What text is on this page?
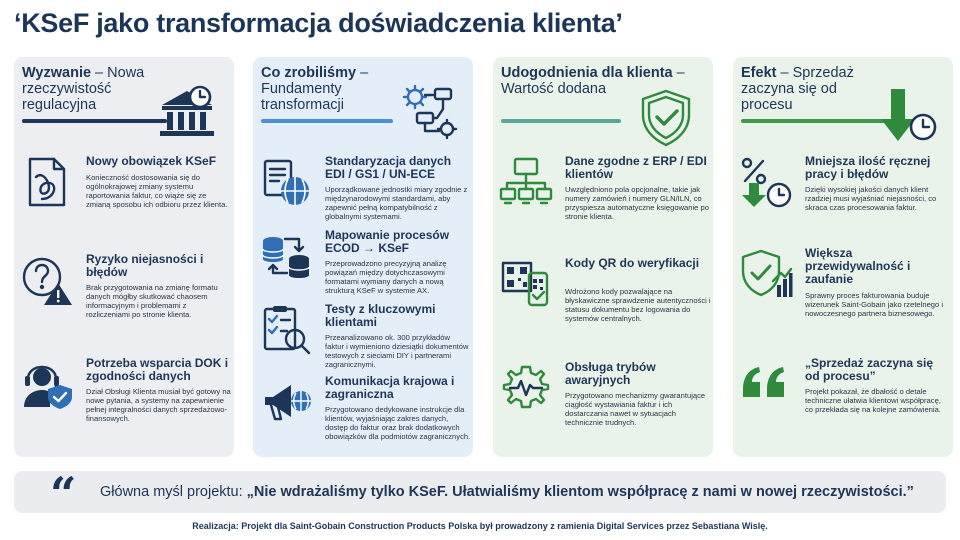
‘KSeF jako transformacja doświadczenia klienta’
Wyzwanie – Nowa rzeczywistość regulacyjna
Nowy obowiązek KSeF
Konieczność dostosowania się do ogólnokrajowej zmiany systemu raportowania faktur, co wiąże się ze zmianą sposobu ich odbioru przez klienta.
Ryzyko niejasności i błędów
Brak przygotowania na zmianę formatu danych mógłby skutkować chaosem informacyjnym i problemami z rozliczeniami po stronie klienta.
Potrzeba wsparcia DOK i zgodności danych
Dział Obsługi Klienta musiał być gotowy na nowe pytania, a systemy na zapewnienie pełnej integralności danych sprzedażowo-finansowych.
Co zrobiliśmy – Fundamenty transformacji
Standaryzacja danych EDI / GS1 / UN-ECE
Uporządkowane jednostki miary zgodnie z międzynarodowymi standardami, aby zapewnić pełną kompatybilność z globalnymi systemami.
Mapowanie procesów ECOD → KSeF
Przeprowadzono precyzyjną analizę powiązań między dotychczasowymi formatami wymiany danych a nową strukturą KSeF w systemie AX.
Testy z kluczowymi klientami
Przeanalizowano ok. 300 przykładów faktur i wymieniono dziesiątki dokumentów testowych z sieciami DIY i partnerami zagranicznymi.
Komunikacja krajowa i zagraniczna
Przygotowano dedykowane instrukcje dla klientów, wyjaśniając zakres danych, dostęp do faktur oraz brak dodatkowych obowiązków dla podmiotów zagranicznych.
Udogodnienia dla klienta – Wartość dodana
Dane zgodne z ERP / EDI klientów
Uwzględniono pola opcjonalne, takie jak numery zamówień i numery GLN/ILN, co przyspiesza automatyczne księgowanie po stronie klienta.
Kody QR do weryfikacji
Wdrożono kody pozwalające na błyskawiczne sprawdzenie autentyczności i statusu dokumentu bez logowania do systemów centralnych.
Obsługa trybów awaryjnych
Przygotowano mechanizmy gwarantujące ciągłość wystawiania faktur i ich dostarczania nawet w sytuacjach technicznie trudnych.
Efekt – Sprzedaż zaczyna się od procesu
Mniejsza ilość ręcznej pracy i błędów
Dzięki wysokiej jakości danych klient rzadziej musi wyjaśniać niejasności, co skraca czas procesowania faktur.
Większa przewidywalność i zaufanie
Sprawny proces fakturowania buduje wizerunek Saint-Gobain jako rzetelnego i nowoczesnego partnera biznesowego.
„Sprzedaż zaczyna się od procesu”
Projekt pokazał, że dbałość o detale techniczne ułatwia klientowi współpracę, co przekłada się na kolejne zamówienia.
“ Główna myśl projektu: „Nie wdrażaliśmy tylko KSeF. Ułatwialiśmy klientom współpracę z nami w nowej rzeczywistości.”
Realizacja: Projekt dla Saint-Gobain Construction Products Polska był prowadzony z ramienia Digital Services przez Sebastiana Wislę.
